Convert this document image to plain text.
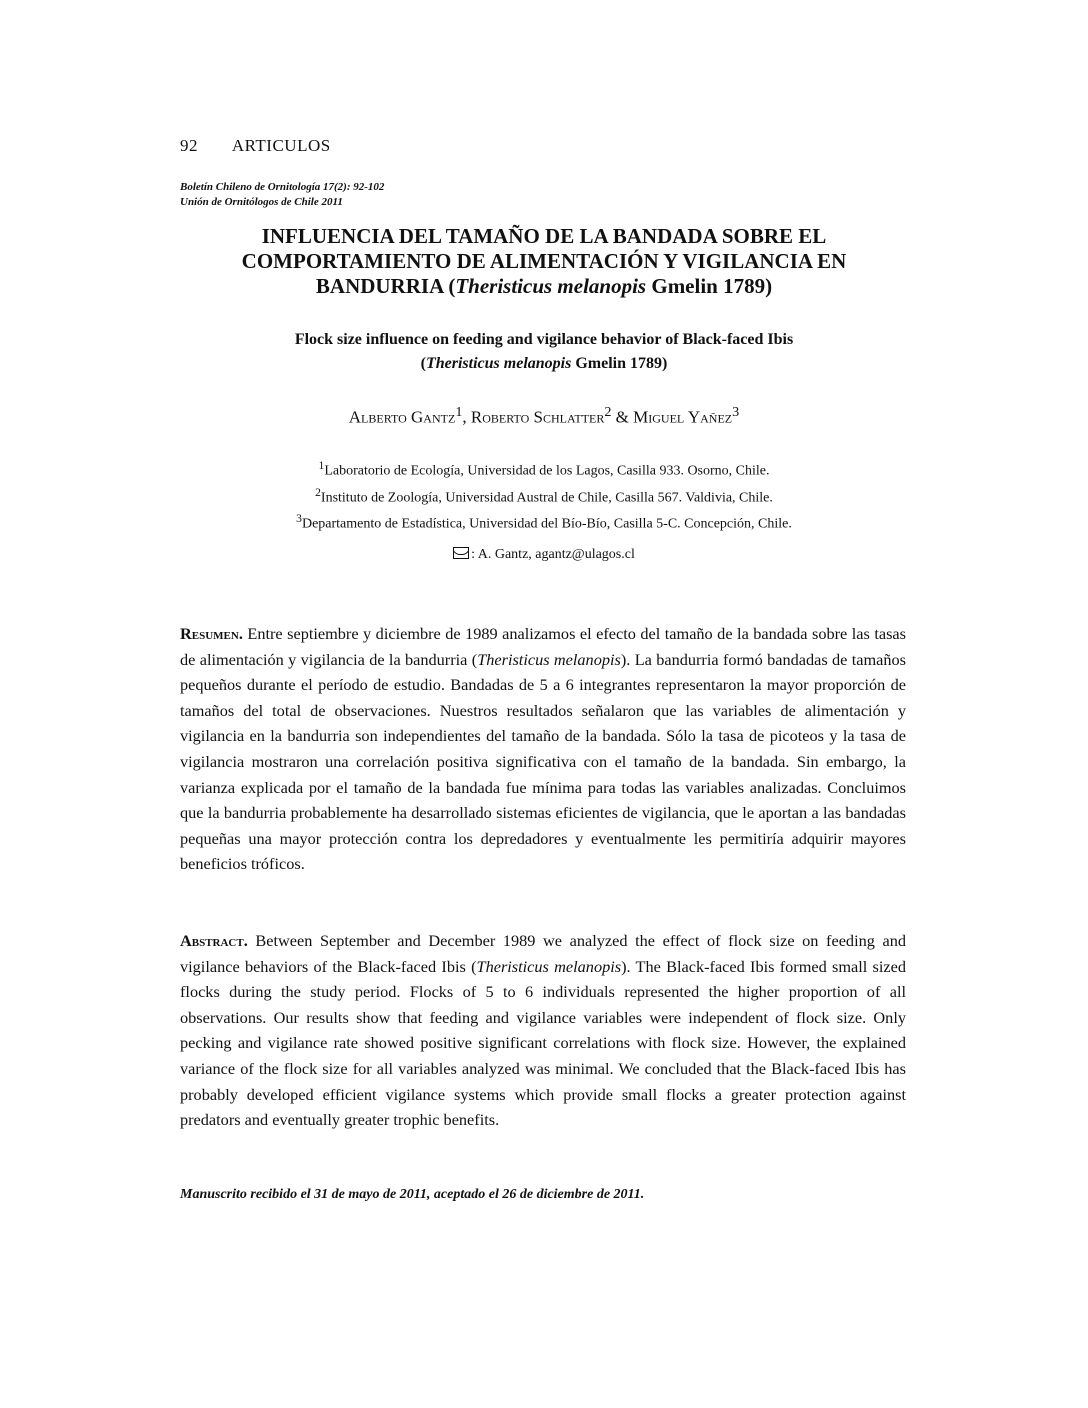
92 ARTICULOS
Boletín Chileno de Ornitología 17(2): 92-102
Unión de Ornitólogos de Chile 2011
INFLUENCIA DEL TAMAÑO DE LA BANDADA SOBRE EL
COMPORTAMIENTO DE ALIMENTACIÓN Y VIGILANCIA EN
BANDURRIA (Theristicus melanopis Gmelin 1789)
Flock size influence on feeding and vigilance behavior of Black-faced Ibis
(Theristicus melanopis Gmelin 1789)
Alberto Gantz$^1$, Roberto Schlatter$^2$ & Miguel Yañez$^3$
$^1$Laboratorio de Ecología, Universidad de los Lagos, Casilla 933. Osorno, Chile.
$^2$Instituto de Zoología, Universidad Austral de Chile, Casilla 567. Valdivia, Chile.
$^3$Departamento de Estadística, Universidad del Bío-Bío, Casilla 5-C. Concepción, Chile.
: A. Gantz, agantz@ulagos.cl

Resumen. Entre septiembre y diciembre de 1989 analizamos el efecto del tamaño de la bandada sobre las tasas de alimentación y vigilancia de la bandurria (Theristicus melanopis). La bandurria formó bandadas de tamaños pequeños durante el período de estudio. Bandadas de 5 a 6 integrantes representaron la mayor proporción de tamaños del total de observaciones. Nuestros resultados señalaron que las variables de alimentación y vigilancia en la bandurria son independientes del tamaño de la bandada. Sólo la tasa de picoteos y la tasa de vigilancia mostraron una correlación positiva significativa con el tamaño de la bandada. Sin embargo, la varianza explicada por el tamaño de la bandada fue mínima para todas las variables analizadas. Concluimos que la bandurria probablemente ha desarrollado sistemas eficientes de vigilancia, que le aportan a las bandadas pequeñas una mayor protección contra los depredadores y eventualmente les permitiría adquirir mayores beneficios tróficos.

Abstract. Between September and December 1989 we analyzed the effect of flock size on feeding and vigilance behaviors of the Black-faced Ibis (Theristicus melanopis). The Black-faced Ibis formed small sized flocks during the study period. Flocks of 5 to 6 individuals represented the higher proportion of all observations. Our results show that feeding and vigilance variables were independent of flock size. Only pecking and vigilance rate showed positive significant correlations with flock size. However, the explained variance of the flock size for all variables analyzed was minimal. We concluded that the Black-faced Ibis has probably developed efficient vigilance systems which provide small flocks a greater protection against predators and eventually greater trophic benefits.

Manuscrito recibido el 31 de mayo de 2011, aceptado el 26 de diciembre de 2011.
